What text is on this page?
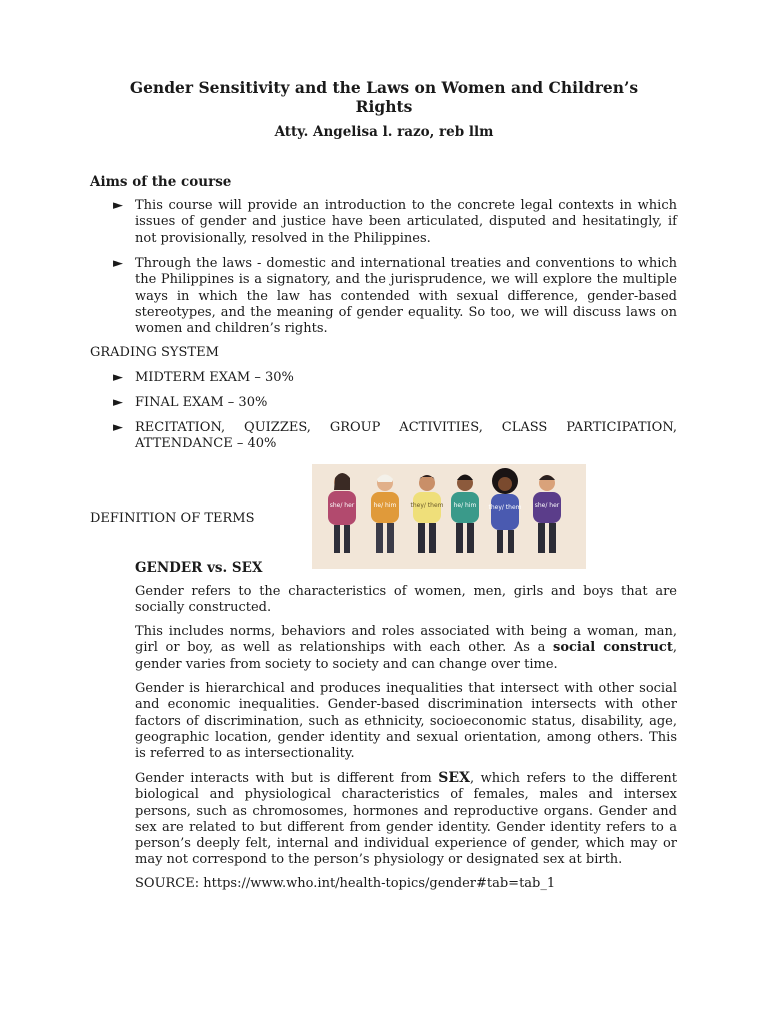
Gender Sensitivity and the Laws on Women and Children’s Rights
Atty. Angelisa l. razo, reb llm
Aims of the course
► This course will provide an introduction to the concrete legal contexts in which issues of gender and justice have been articulated, disputed and hesitatingly, if not provisionally, resolved in the Philippines.
► Through the laws - domestic and international treaties and conventions to which the Philippines is a signatory, and the jurisprudence, we will explore the multiple ways in which the law has contended with sexual difference, gender-based stereotypes, and the meaning of gender equality. So too, we will discuss laws on women and children’s rights.
GRADING SYSTEM
► MIDTERM EXAM – 30%
► FINAL EXAM – 30%
► RECITATION, QUIZZES, GROUP ACTIVITIES, CLASS PARTICIPATION, ATTENDANCE – 40%
DEFINITION OF TERMS
she/ her	he/ him they/ them he/ him they/ them she/ her
GENDER vs. SEX
Gender refers to the characteristics of women, men, girls and boys that are socially constructed.
This includes norms, behaviors and roles associated with being a woman, man, girl or boy, as well as relationships with each other. As a social construct, gender varies from society to society and can change over time.
Gender is hierarchical and produces inequalities that intersect with other social and economic inequalities. Gender-based discrimination intersects with other factors of discrimination, such as ethnicity, socioeconomic status, disability, age, geographic location, gender identity and sexual orientation, among others. This is referred to as intersectionality.
Gender interacts with but is different from SEX, which refers to the different biological and physiological characteristics of females, males and intersex persons, such as chromosomes, hormones and reproductive organs. Gender and sex are related to but different from gender identity. Gender identity refers to a person’s deeply felt, internal and individual experience of gender, which may or may not correspond to the person’s physiology or designated sex at birth.
SOURCE: https://www.who.int/health-topics/gender#tab=tab_1
